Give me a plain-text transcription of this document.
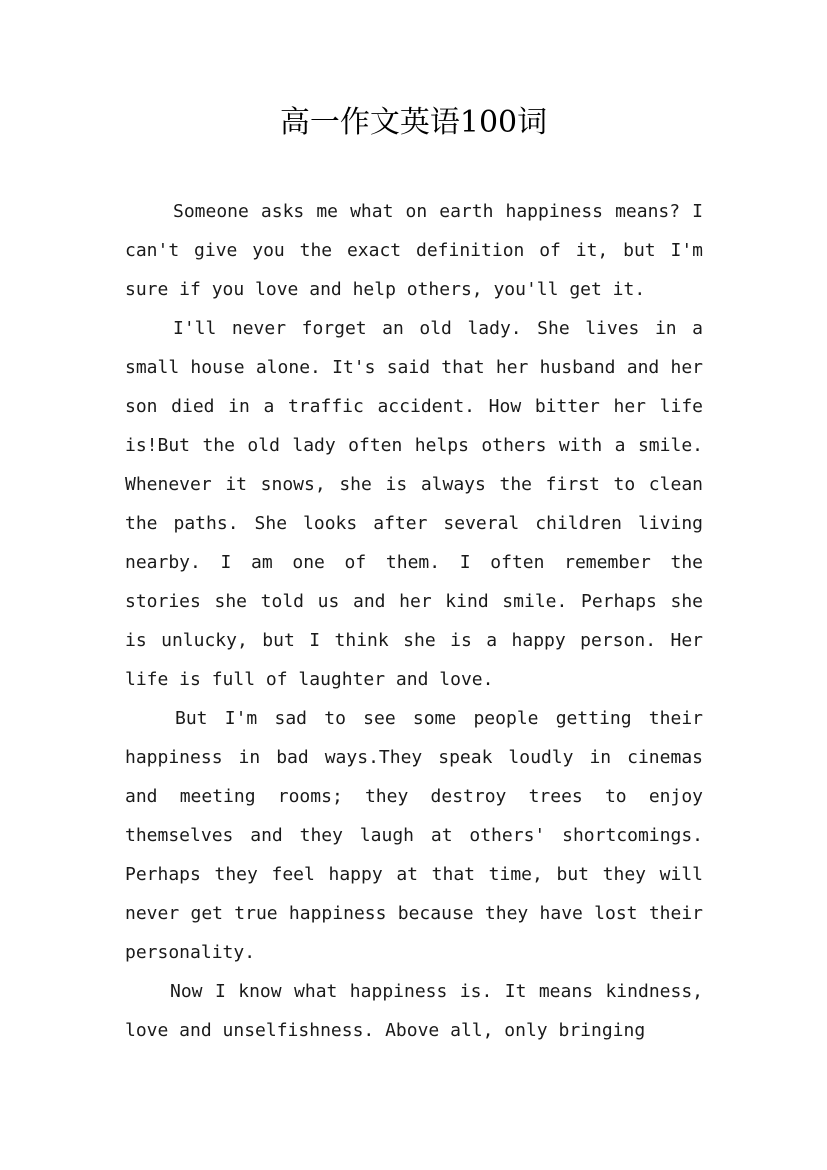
高一作文英语100词

Someone asks me what on earth happiness means? I can't give you the exact definition of it, but I'm sure if you love and help others, you'll get it.

I'll never forget an old lady. She lives in a small house alone. It's said that her husband and her son died in a traffic accident. How bitter her life is!But the old lady often helps others with a smile. Whenever it snows, she is always the first to clean the paths. She looks after several children living nearby. I am one of them. I often remember the stories she told us and her kind smile. Perhaps she is unlucky, but I think she is a happy person. Her life is full of laughter and love.

But I'm sad to see some people getting their happiness in bad ways.They speak loudly in cinemas and meeting rooms; they destroy trees to enjoy themselves and they laugh at others' shortcomings. Perhaps they feel happy at that time, but they will never get true happiness because they have lost their personality.

Now I know what happiness is. It means kindness, love and unselfishness. Above all, only bringing
